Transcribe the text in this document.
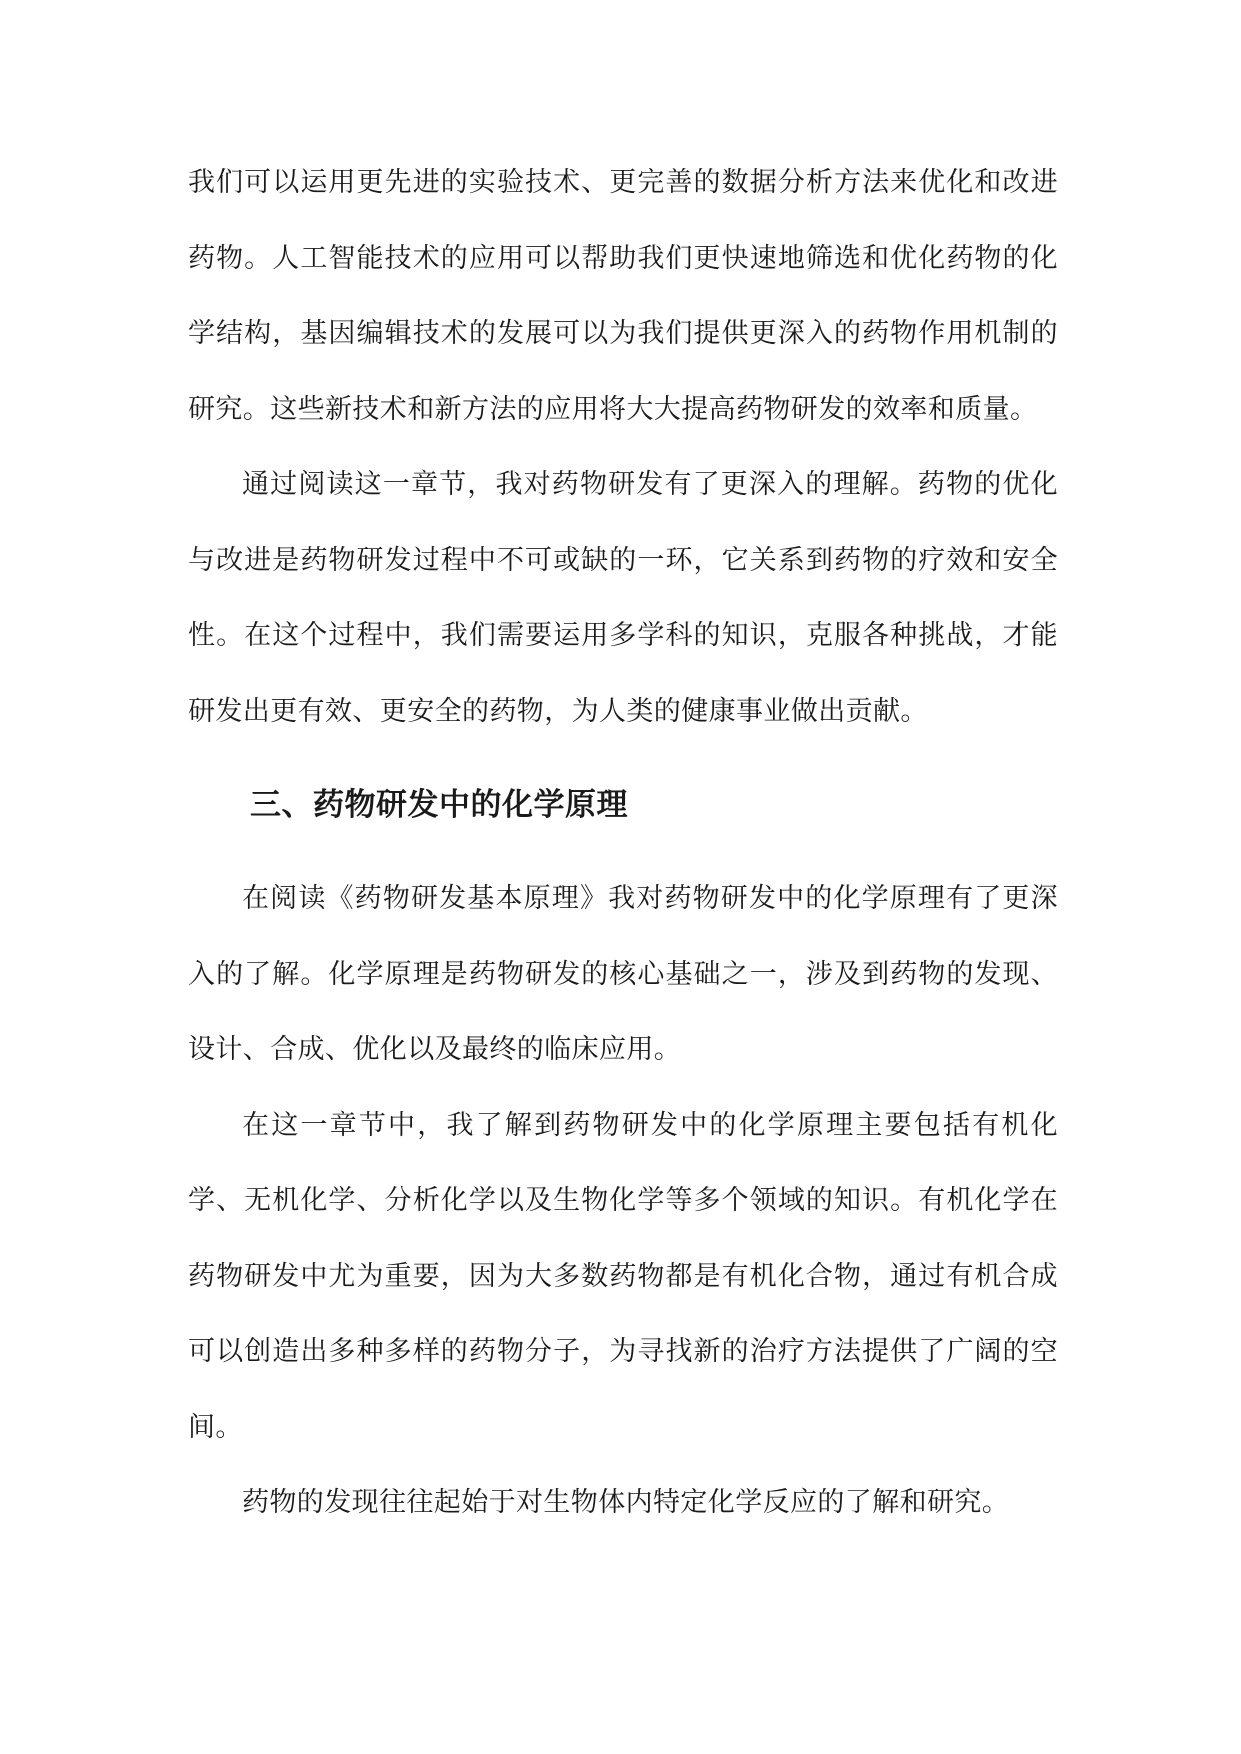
我们可以运用更先进的实验技术、更完善的数据分析方法来优化和改进药物。人工智能技术的应用可以帮助我们更快速地筛选和优化药物的化学结构，基因编辑技术的发展可以为我们提供更深入的药物作用机制的研究。这些新技术和新方法的应用将大大提高药物研发的效率和质量。

通过阅读这一章节，我对药物研发有了更深入的理解。药物的优化与改进是药物研发过程中不可或缺的一环，它关系到药物的疗效和安全性。在这个过程中，我们需要运用多学科的知识，克服各种挑战，才能研发出更有效、更安全的药物，为人类的健康事业做出贡献。

三、药物研发中的化学原理

在阅读《药物研发基本原理》我对药物研发中的化学原理有了更深入的了解。化学原理是药物研发的核心基础之一，涉及到药物的发现、设计、合成、优化以及最终的临床应用。

在这一章节中，我了解到药物研发中的化学原理主要包括有机化学、无机化学、分析化学以及生物化学等多个领域的知识。有机化学在药物研发中尤为重要，因为大多数药物都是有机化合物，通过有机合成可以创造出多种多样的药物分子，为寻找新的治疗方法提供了广阔的空间。

药物的发现往往起始于对生物体内特定化学反应的了解和研究。
